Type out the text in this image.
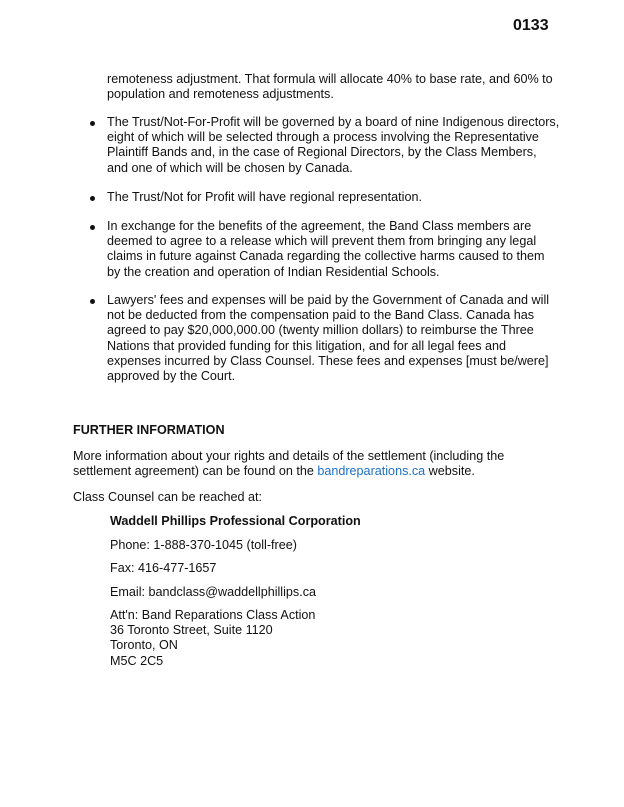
0133
remoteness adjustment. That formula will allocate 40% to base rate, and 60% to
population and remoteness adjustments.
The Trust/Not-For-Profit will be governed by a board of nine Indigenous directors,
eight of which will be selected through a process involving the Representative
Plaintiff Bands and, in the case of Regional Directors, by the Class Members,
and one of which will be chosen by Canada.
The Trust/Not for Profit will have regional representation.
In exchange for the benefits of the agreement, the Band Class members are
deemed to agree to a release which will prevent them from bringing any legal
claims in future against Canada regarding the collective harms caused to them
by the creation and operation of Indian Residential Schools.
Lawyers' fees and expenses will be paid by the Government of Canada and will
not be deducted from the compensation paid to the Band Class. Canada has
agreed to pay $20,000,000.00 (twenty million dollars) to reimburse the Three
Nations that provided funding for this litigation, and for all legal fees and
expenses incurred by Class Counsel. These fees and expenses [must be/were]
approved by the Court.
FURTHER INFORMATION
More information about your rights and details of the settlement (including the
settlement agreement) can be found on the bandreparations.ca website.
Class Counsel can be reached at:
Waddell Phillips Professional Corporation
Phone: 1-888-370-1045 (toll-free)
Fax: 416-477-1657
Email: bandclass@waddellphillips.ca
Att'n: Band Reparations Class Action
36 Toronto Street, Suite 1120
Toronto, ON
M5C 2C5
